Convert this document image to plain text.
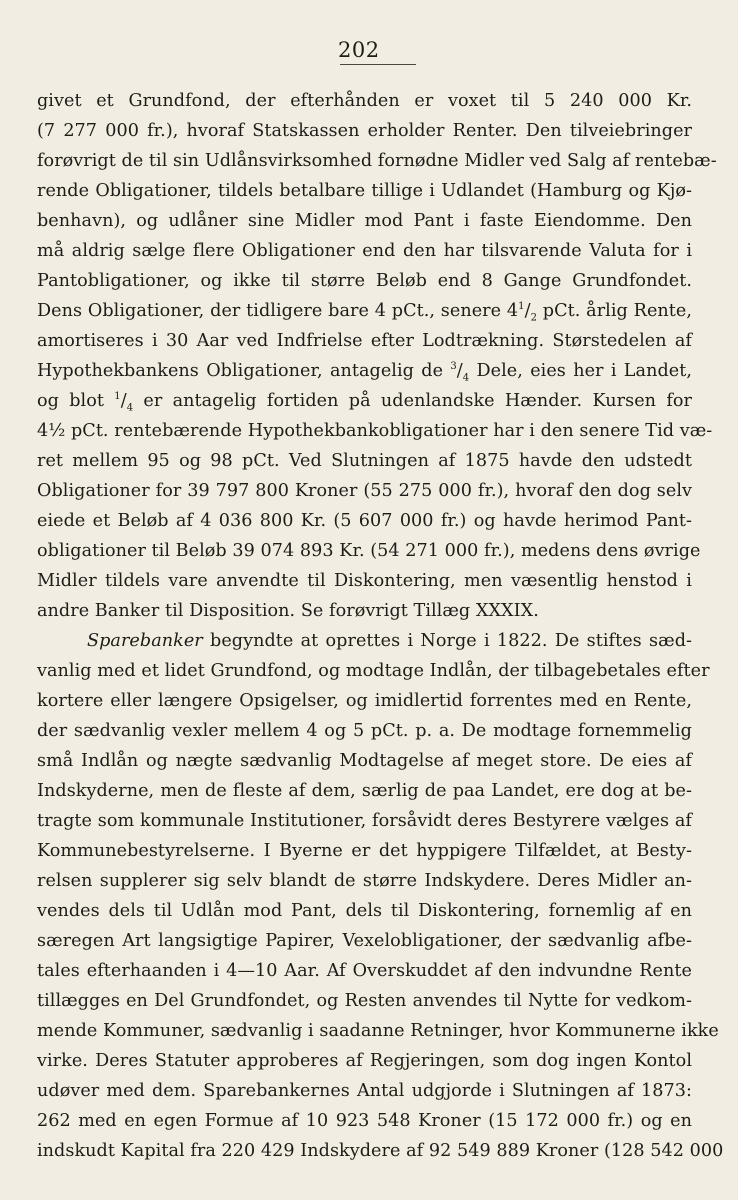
202
givet et Grundfond, der efterhånden er voxet til 5 240 000 Kr.
(7 277 000 fr.), hvoraf Statskassen erholder Renter. Den tilveiebringer
forøvrigt de til sin Udlånsvirksomhed fornødne Midler ved Salg af rentebæ-
rende Obligationer, tildels betalbare tillige i Udlandet (Hamburg og Kjø-
benhavn), og udlåner sine Midler mod Pant i faste Eiendomme. Den
må aldrig sælge flere Obligationer end den har tilsvarende Valuta for i
Pantobligationer, og ikke til større Beløb end 8 Gange Grundfondet.
Dens Obligationer, der tidligere bare 4 pCt., senere $4^1/_2$ pCt. årlig Rente,
amortiseres i 30 Aar ved Indfrielse efter Lodtrækning. Størstedelen af
Hypothekbankens Obligationer, antagelig de $^3/_4$ Dele, eies her i Landet,
og blot $^1/_4$ er antagelig fortiden på udenlandske Hænder. Kursen for
4½ pCt. rentebærende Hypothekbankobligationer har i den senere Tid væ-
ret mellem 95 og 98 pCt. Ved Slutningen af 1875 havde den udstedt
Obligationer for 39 797 800 Kroner (55 275 000 fr.), hvoraf den dog selv
eiede et Beløb af 4 036 800 Kr. (5 607 000 fr.) og havde herimod Pant-
obligationer til Beløb 39 074 893 Kr. (54 271 000 fr.), medens dens øvrige
Midler tildels vare anvendte til Diskontering, men væsentlig henstod i
andre Banker til Disposition. Se forøvrigt Tillæg XXXIX.
Sparebanker begyndte at oprettes i Norge i 1822. De stiftes sæd-
vanlig med et lidet Grundfond, og modtage Indlån, der tilbagebetales efter
kortere eller længere Opsigelser, og imidlertid forrentes med en Rente,
der sædvanlig vexler mellem 4 og 5 pCt. p. a. De modtage fornemmelig
små Indlån og nægte sædvanlig Modtagelse af meget store. De eies af
Indskyderne, men de fleste af dem, særlig de paa Landet, ere dog at be-
tragte som kommunale Institutioner, forsåvidt deres Bestyrere vælges af
Kommunebestyrelserne. I Byerne er det hyppigere Tilfældet, at Besty-
relsen supplerer sig selv blandt de større Indskydere. Deres Midler an-
vendes dels til Udlån mod Pant, dels til Diskontering, fornemlig af en
særegen Art langsigtige Papirer, Vexelobligationer, der sædvanlig afbe-
tales efterhaanden i 4—10 Aar. Af Overskuddet af den indvundne Rente
tillægges en Del Grundfondet, og Resten anvendes til Nytte for vedkom-
mende Kommuner, sædvanlig i saadanne Retninger, hvor Kommunerne ikke
virke. Deres Statuter approberes af Regjeringen, som dog ingen Kontol
udøver med dem. Sparebankernes Antal udgjorde i Slutningen af 1873:
262 med en egen Formue af 10 923 548 Kroner (15 172 000 fr.) og en
indskudt Kapital fra 220 429 Indskydere af 92 549 889 Kroner (128 542 000
